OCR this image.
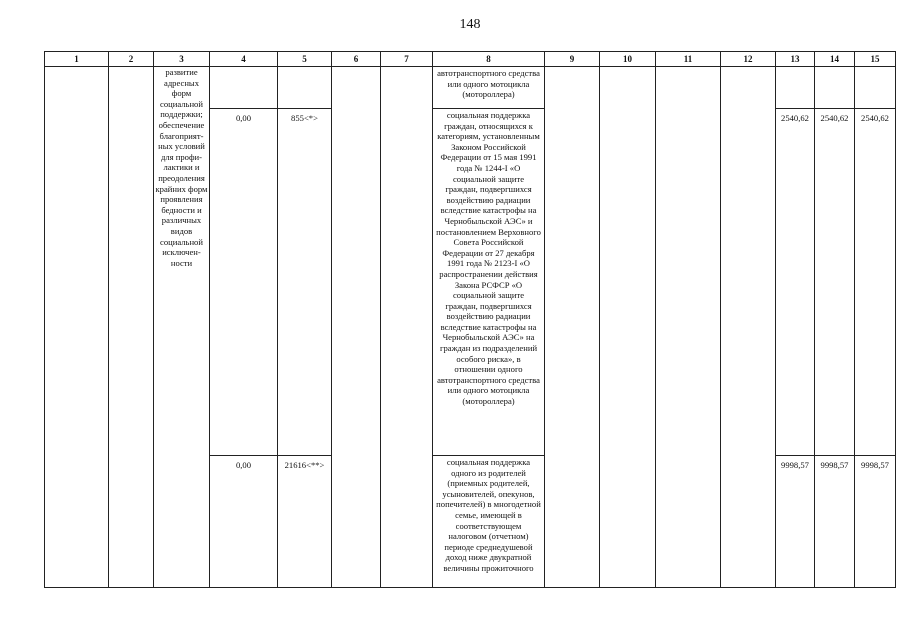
148
1	2	3	4	5	6	7	8	9	10	11	12	13	14	15
		развитие адресных форм социальной поддержки; обеспечение благоприят-ных условий для профи-лактики и преодоления крайних форм проявления бедности и различных видов социальной исключен-ности					автотранспортного средства или одного мотоцикла (мотороллера)							
			0,00	855<*>			социальная поддержка граждан, относящихся к категориям, установленным Законом Российской Федерации от 15 мая 1991 года № 1244-I «О социальной защите граждан, подвергшихся воздействию радиации вследствие катастрофы на Чернобыльской АЭС» и постановлением Верховного Совета Российской Федерации от 27 декабря 1991 года № 2123-I «О распространении действия Закона РСФСР «О социальной защите граждан, подвергшихся воздействию радиации вследствие катастрофы на Чернобыльской АЭС» на граждан из подразделений особого риска», в отношении одного автотранспортного средства или одного мотоцикла (мотороллера)					2540,62	2540,62	2540,62
			0,00	21616<**>			социальная поддержка одного из родителей (приемных родителей, усыновителей, опекунов, попечителей) в многодетной семье, имеющей в соответствующем налоговом (отчетном) периоде среднедушевой доход ниже двукратной величины прожиточного					9998,57	9998,57	9998,57
